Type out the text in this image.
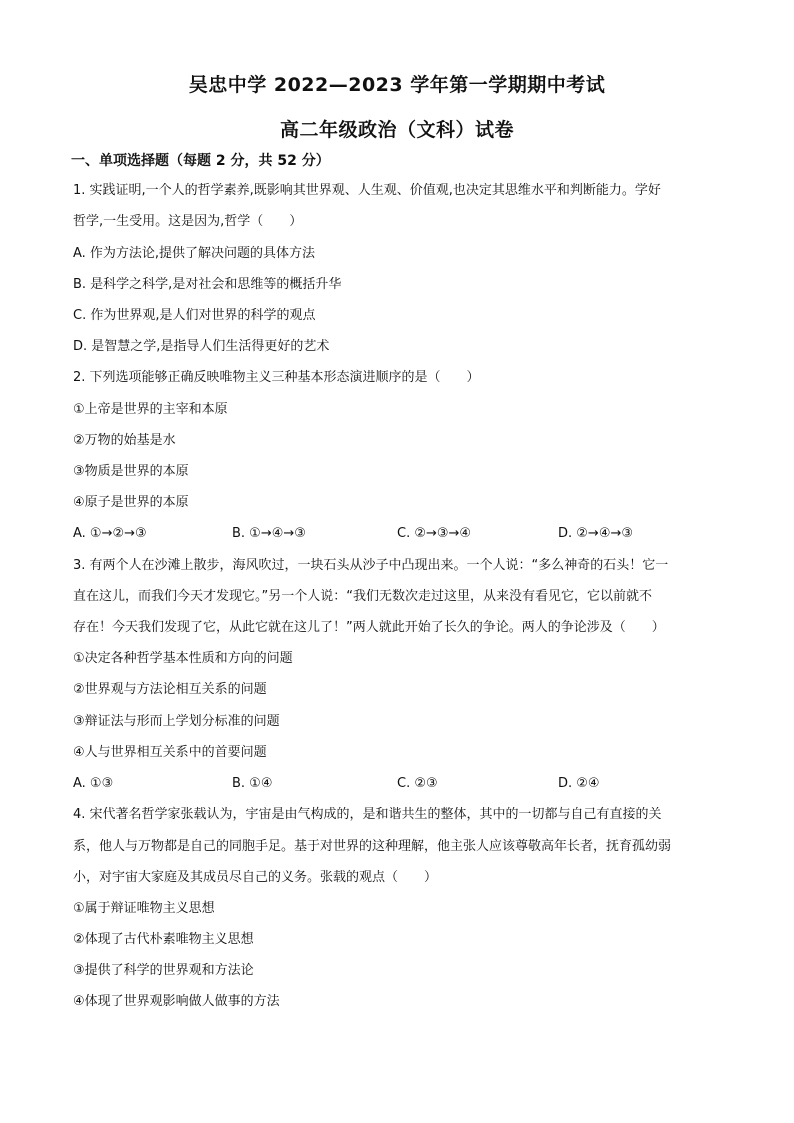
吴忠中学 2022—2023 学年第一学期期中考试
高二年级政治（文科）试卷
一、单项选择题（每题 2 分，共 52 分）
1. 实践证明,一个人的哲学素养,既影响其世界观、人生观、价值观,也决定其思维水平和判断能力。学好
哲学,一生受用。这是因为,哲学（　　）
A. 作为方法论,提供了解决问题的具体方法
B. 是科学之科学,是对社会和思维等的概括升华
C. 作为世界观,是人们对世界的科学的观点
D. 是智慧之学,是指导人们生活得更好的艺术
2. 下列选项能够正确反映唯物主义三种基本形态演进顺序的是（　　）
①上帝是世界的主宰和本原
②万物的始基是水
③物质是世界的本原
④原子是世界的本原
A. ①→②→③	B. ①→④→③	C. ②→③→④	D. ②→④→③
3. 有两个人在沙滩上散步，海风吹过，一块石头从沙子中凸现出来。一个人说：“多么神奇的石头！它一
直在这儿，而我们今天才发现它。”另一个人说：“我们无数次走过这里，从来没有看见它，它以前就不
存在！今天我们发现了它，从此它就在这儿了！”两人就此开始了长久的争论。两人的争论涉及（　　）
①决定各种哲学基本性质和方向的问题
②世界观与方法论相互关系的问题
③辩证法与形而上学划分标准的问题
④人与世界相互关系中的首要问题
A. ①③	B. ①④	C. ②③	D. ②④
4. 宋代著名哲学家张载认为，宇宙是由气构成的，是和谐共生的整体，其中的一切都与自己有直接的关
系，他人与万物都是自己的同胞手足。基于对世界的这种理解，他主张人应该尊敬高年长者，抚育孤幼弱
小，对宇宙大家庭及其成员尽自己的义务。张载的观点（　　）
①属于辩证唯物主义思想
②体现了古代朴素唯物主义思想
③提供了科学的世界观和方法论
④体现了世界观影响做人做事的方法
